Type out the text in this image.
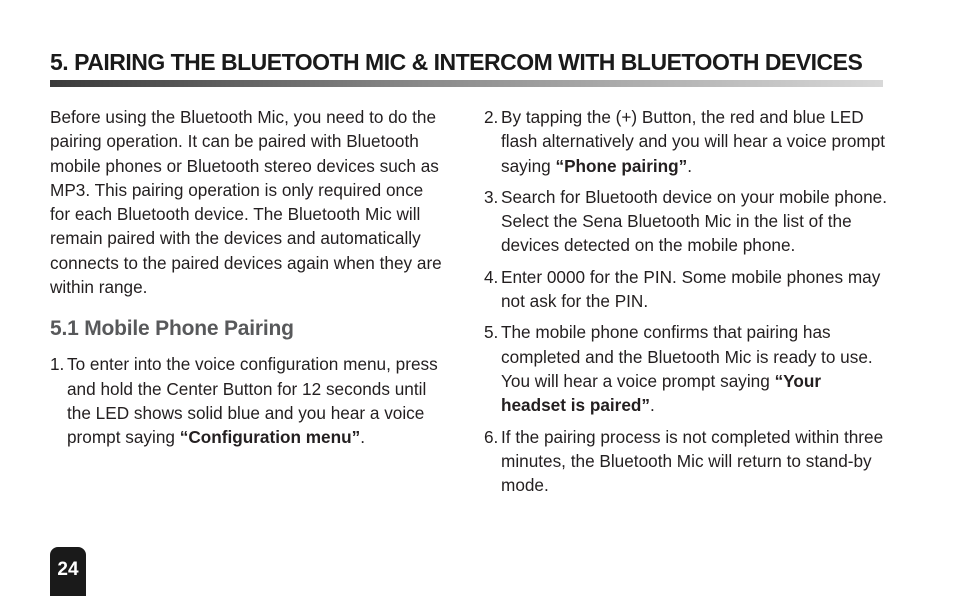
5. PAIRING THE BLUETOOTH MIC & INTERCOM WITH BLUETOOTH DEVICES

Before using the Bluetooth Mic, you need to do the pairing operation. It can be paired with Bluetooth mobile phones or Bluetooth stereo devices such as MP3. This pairing operation is only required once for each Bluetooth device. The Bluetooth Mic will remain paired with the devices and automatically connects to the paired devices again when they are within range.

5.1 Mobile Phone Pairing
1. To enter into the voice configuration menu, press and hold the Center Button for 12 seconds until the LED shows solid blue and you hear a voice prompt saying “Configuration menu”.
2. By tapping the (+) Button, the red and blue LED flash alternatively and you will hear a voice prompt saying “Phone pairing”.
3. Search for Bluetooth device on your mobile phone. Select the Sena Bluetooth Mic in the list of the devices detected on the mobile phone.
4. Enter 0000 for the PIN. Some mobile phones may not ask for the PIN.
5. The mobile phone confirms that pairing has completed and the Bluetooth Mic is ready to use. You will hear a voice prompt saying “Your headset is paired”.
6. If the pairing process is not completed within three minutes, the Bluetooth Mic will return to stand-by mode.
24
